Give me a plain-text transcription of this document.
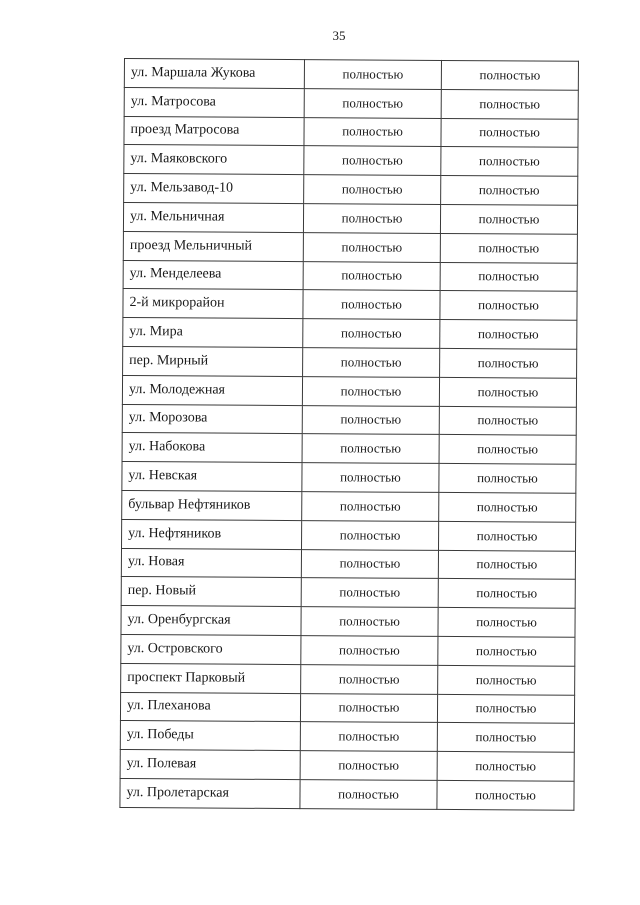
35
ул. Маршала Жукова	полностью	полностью
ул. Матросова	полностью	полностью
проезд Матросова	полностью	полностью
ул. Маяковского	полностью	полностью
ул. Мельзавод-10	полностью	полностью
ул. Мельничная	полностью	полностью
проезд Мельничный	полностью	полностью
ул. Менделеева	полностью	полностью
2-й микрорайон	полностью	полностью
ул. Мира	полностью	полностью
пер. Мирный	полностью	полностью
ул. Молодежная	полностью	полностью
ул. Морозова	полностью	полностью
ул. Набокова	полностью	полностью
ул. Невская	полностью	полностью
бульвар Нефтяников	полностью	полностью
ул. Нефтяников	полностью	полностью
ул. Новая	полностью	полностью
пер. Новый	полностью	полностью
ул. Оренбургская	полностью	полностью
ул. Островского	полностью	полностью
проспект Парковый	полностью	полностью
ул. Плеханова	полностью	полностью
ул. Победы	полностью	полностью
ул. Полевая	полностью	полностью
ул. Пролетарская	полностью	полностью
